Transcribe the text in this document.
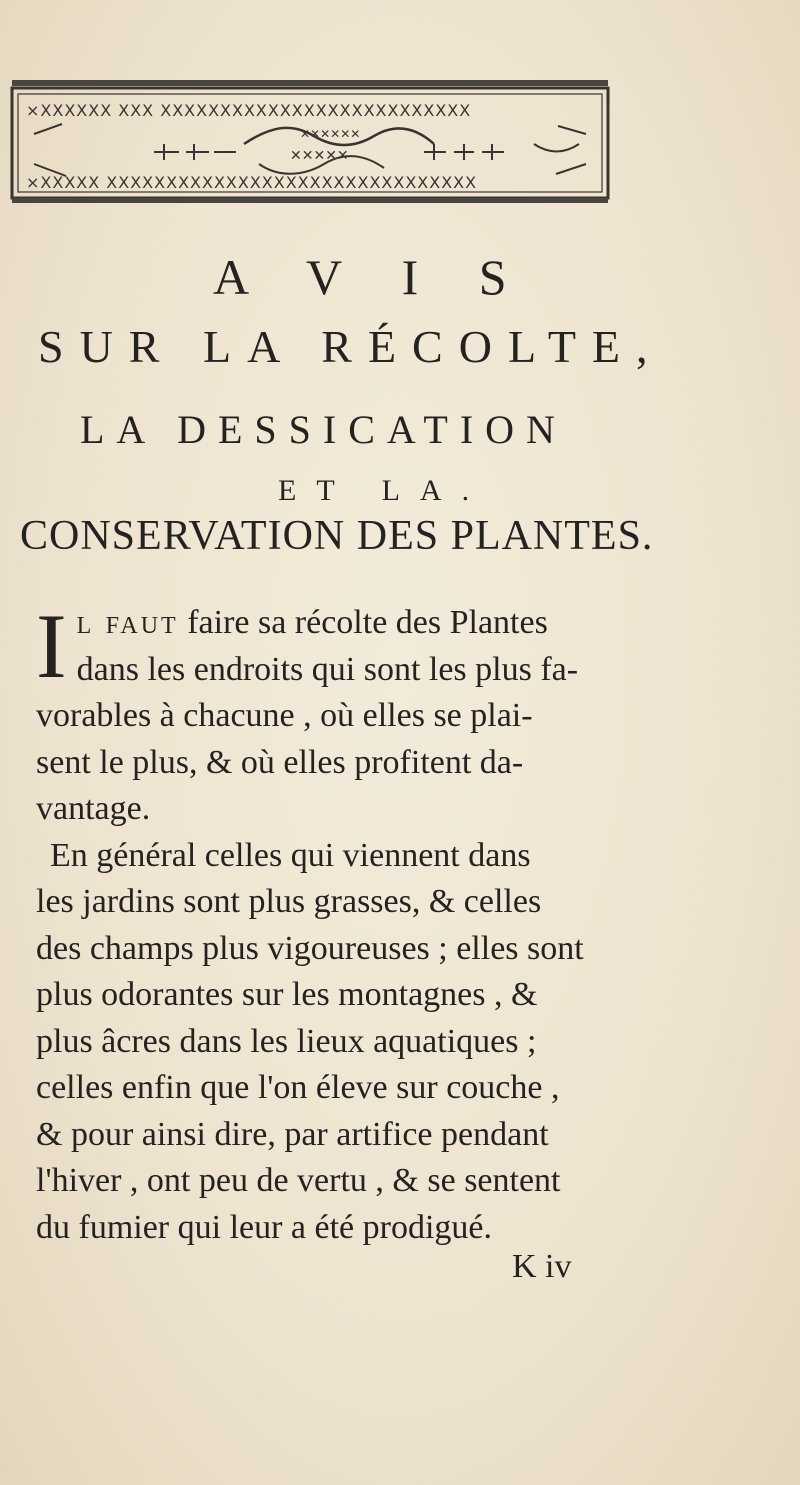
×XXXXXX XXX XXXXXXXXXXXXXXXXXXXXXXXXXX
×XXXXX XXXXXXXXXXXXXXXXXXXXXXXXXXXXXXX
✕✕✕✕✕
✕✕✕✕✕✕
A V I S
SUR LA RÉCOLTE,
LA DESSICATION
ET LA.
CONSERVATION DES PLANTES.
I l faut faire sa récolte des Plantes
dans les endroits qui sont les plus fa-
vorables à chacune , où elles se plai-
sent le plus, & où elles profitent da-
vantage.
En général celles qui viennent dans
les jardins sont plus grasses, & celles
des champs plus vigoureuses ; elles sont
plus odorantes sur les montagnes , &
plus âcres dans les lieux aquatiques ;
celles enfin que l'on éleve sur couche ,
& pour ainsi dire, par artifice pendant
l'hiver , ont peu de vertu , & se sentent
du fumier qui leur a été prodigué.
K iv
